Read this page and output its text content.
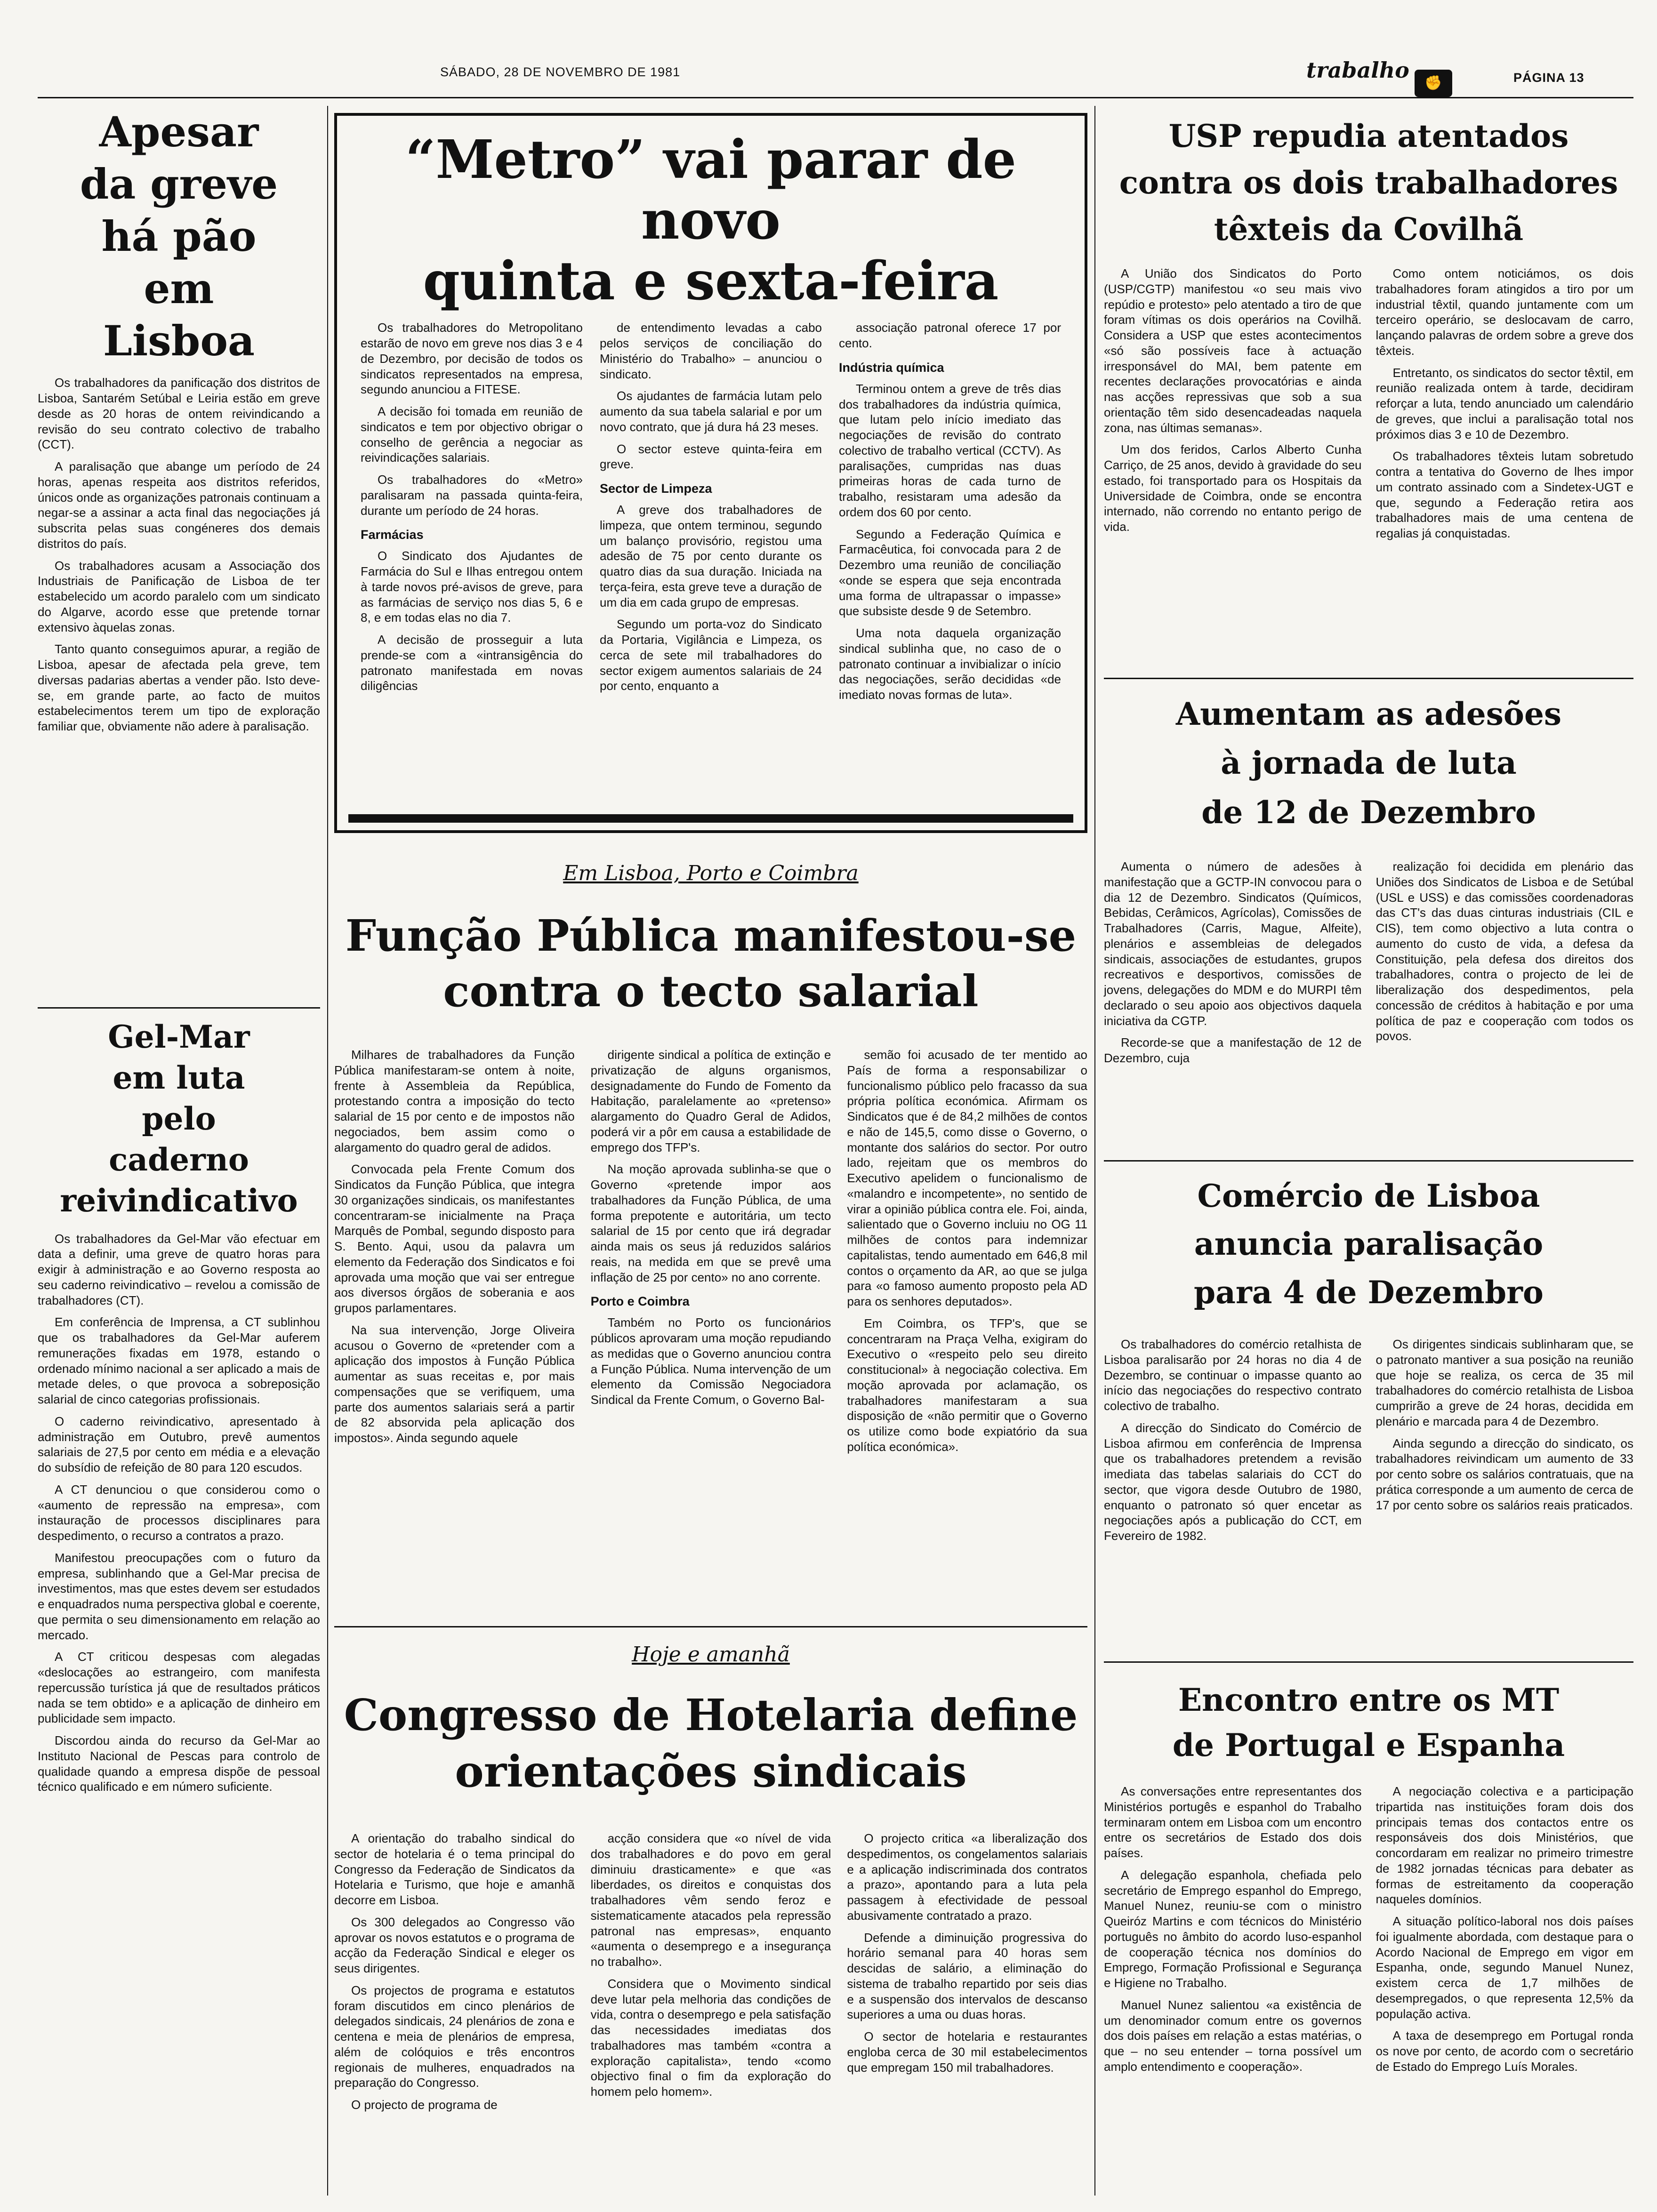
SÁBADO, 28 DE NOVEMBRO DE 1981	trabalho
✊	PÁGINA 13
Apesar
da greve
há pão
em
Lisboa

Os trabalhadores da panificação dos distritos de Lisboa, Santarém Setúbal e Leiria estão em greve desde as 20 horas de ontem reivindicando a revisão do seu contrato colectivo de trabalho (CCT).

A paralisação que abange um período de 24 horas, apenas respeita aos distritos referidos, únicos onde as organizações patronais continuam a negar-se a assinar a acta final das negociações já subscrita pelas suas congéneres dos demais distritos do país.

Os trabalhadores acusam a Associação dos Industriais de Panificação de Lisboa de ter estabelecido um acordo paralelo com um sindicato do Algarve, acordo esse que pretende tornar extensivo àquelas zonas.

Tanto quanto conseguimos apurar, a região de Lisboa, apesar de afectada pela greve, tem diversas padarias abertas a vender pão. Isto deve-se, em grande parte, ao facto de muitos estabelecimentos terem um tipo de exploração familiar que, obviamente não adere à paralisação.

Gel-Mar
em luta
pelo
caderno
reivindicativo

Os trabalhadores da Gel-Mar vão efectuar em data a definir, uma greve de quatro horas para exigir à administração e ao Governo resposta ao seu caderno reivindicativo – revelou a comissão de trabalhadores (CT).

Em conferência de Imprensa, a CT sublinhou que os trabalhadores da Gel-Mar auferem remunerações fixadas em 1978, estando o ordenado mínimo nacional a ser aplicado a mais de metade deles, o que provoca a sobreposição salarial de cinco categorias profissionais.

O caderno reivindicativo, apresentado à administração em Outubro, prevê aumentos salariais de 27,5 por cento em média e a elevação do subsídio de refeição de 80 para 120 escudos.

A CT denunciou o que considerou como o «aumento de repressão na empresa», com instauração de processos disciplinares para despedimento, o recurso a contratos a prazo.

Manifestou preocupações com o futuro da empresa, sublinhando que a Gel-Mar precisa de investimentos, mas que estes devem ser estudados e enquadrados numa perspectiva global e coerente, que permita o seu dimensionamento em relação ao mercado.

A CT criticou despesas com alegadas «deslocações ao estrangeiro, com manifesta repercussão turística já que de resultados práticos nada se tem obtido» e a aplicação de dinheiro em publicidade sem impacto.

Discordou ainda do recurso da Gel-Mar ao Instituto Nacional de Pescas para controlo de qualidade quando a empresa dispõe de pessoal técnico qualificado e em número suficiente.

“Metro” vai parar de novo
quinta e sexta-feira

Os trabalhadores do Metropolitano estarão de novo em greve nos dias 3 e 4 de Dezembro, por decisão de todos os sindicatos representados na empresa, segundo anunciou a FITESE.

A decisão foi tomada em reunião de sindicatos e tem por objectivo obrigar o conselho de gerência a negociar as reivindicações salariais.

Os trabalhadores do «Metro» paralisaram na passada quinta-feira, durante um período de 24 horas.

Farmácias

O Sindicato dos Ajudantes de Farmácia do Sul e Ilhas entregou ontem à tarde novos pré-avisos de greve, para as farmácias de serviço nos dias 5, 6 e 8, e em todas elas no dia 7.

A decisão de prosseguir a luta prende-se com a «intransigência do patronato manifestada em novas diligências

de entendimento levadas a cabo pelos serviços de conciliação do Ministério do Trabalho» – anunciou o sindicato.

Os ajudantes de farmácia lutam pelo aumento da sua tabela salarial e por um novo contrato, que já dura há 23 meses.

O sector esteve quinta-feira em greve.

Sector de Limpeza

A greve dos trabalhadores de limpeza, que ontem terminou, segundo um balanço provisório, registou uma adesão de 75 por cento durante os quatro dias da sua duração. Iniciada na terça-feira, esta greve teve a duração de um dia em cada grupo de empresas.

Segundo um porta-voz do Sindicato da Portaria, Vigilância e Limpeza, os cerca de sete mil trabalhadores do sector exigem aumentos salariais de 24 por cento, enquanto a

associação patronal oferece 17 por cento.

Indústria química

Terminou ontem a greve de três dias dos trabalhadores da indústria química, que lutam pelo início imediato das negociações de revisão do contrato colectivo de trabalho vertical (CCTV). As paralisações, cumpridas nas duas primeiras horas de cada turno de trabalho, resistaram uma adesão da ordem dos 60 por cento.

Segundo a Federação Química e Farmacêutica, foi convocada para 2 de Dezembro uma reunião de conciliação «onde se espera que seja encontrada uma forma de ultrapassar o impasse» que subsiste desde 9 de Setembro.

Uma nota daquela organização sindical sublinha que, no caso de o patronato continuar a invibializar o início das negociações, serão decididas «de imediato novas formas de luta».

Em Lisboa, Porto e Coimbra
Função Pública manifestou-se
contra o tecto salarial

Milhares de trabalhadores da Função Pública manifestaram-se ontem à noite, frente à Assembleia da República, protestando contra a imposição do tecto salarial de 15 por cento e de impostos não negociados, bem assim como o alargamento do quadro geral de adidos.

Convocada pela Frente Comum dos Sindicatos da Função Pública, que integra 30 organizações sindicais, os manifestantes concentraram-se inicialmente na Praça Marquês de Pombal, segundo disposto para S. Bento. Aqui, usou da palavra um elemento da Federação dos Sindicatos e foi aprovada uma moção que vai ser entregue aos diversos órgãos de soberania e aos grupos parlamentares.

Na sua intervenção, Jorge Oliveira acusou o Governo de «pretender com a aplicação dos impostos à Função Pública aumentar as suas receitas e, por mais compensações que se verifiquem, uma parte dos aumentos salariais será a partir de 82 absorvida pela aplicação dos impostos». Ainda segundo aquele

dirigente sindical a política de extinção e privatização de alguns organismos, designadamente do Fundo de Fomento da Habitação, paralelamente ao «pretenso» alargamento do Quadro Geral de Adidos, poderá vir a pôr em causa a estabilidade de emprego dos TFP's.

Na moção aprovada sublinha-se que o Governo «pretende impor aos trabalhadores da Função Pública, de uma forma prepotente e autoritária, um tecto salarial de 15 por cento que irá degradar ainda mais os seus já reduzidos salários reais, na medida em que se prevê uma inflação de 25 por cento» no ano corrente.

Porto e Coimbra

Também no Porto os funcionários públicos aprovaram uma moção repudiando as medidas que o Governo anunciou contra a Função Pública. Numa intervenção de um elemento da Comissão Negociadora Sindical da Frente Comum, o Governo Bal-

semão foi acusado de ter mentido ao País de forma a responsabilizar o funcionalismo público pelo fracasso da sua própria política económica. Afirmam os Sindicatos que é de 84,2 milhões de contos e não de 145,5, como disse o Governo, o montante dos salários do sector. Por outro lado, rejeitam que os membros do Executivo apelidem o funcionalismo de «malandro e incompetente», no sentido de virar a opinião pública contra ele. Foi, ainda, salientado que o Governo incluiu no OG 11 milhões de contos para indemnizar capitalistas, tendo aumentado em 646,8 mil contos o orçamento da AR, ao que se julga para «o famoso aumento proposto pela AD para os senhores deputados».

Em Coimbra, os TFP's, que se concentraram na Praça Velha, exigiram do Executivo o «respeito pelo seu direito constitucional» à negociação colectiva. Em moção aprovada por aclamação, os trabalhadores manifestaram a sua disposição de «não permitir que o Governo os utilize como bode expiatório da sua política económica».

Hoje e amanhã
Congresso de Hotelaria define
orientações sindicais

A orientação do trabalho sindical do sector de hotelaria é o tema principal do Congresso da Federação de Sindicatos da Hotelaria e Turismo, que hoje e amanhã decorre em Lisboa.

Os 300 delegados ao Congresso vão aprovar os novos estatutos e o programa de acção da Federação Sindical e eleger os seus dirigentes.

Os projectos de programa e estatutos foram discutidos em cinco plenários de delegados sindicais, 24 plenários de zona e centena e meia de plenários de empresa, além de colóquios e três encontros regionais de mulheres, enquadrados na preparação do Congresso.

O projecto de programa de

acção considera que «o nível de vida dos trabalhadores e do povo em geral diminuiu drasticamente» e que «as liberdades, os direitos e conquistas dos trabalhadores vêm sendo feroz e sistematicamente atacados pela repressão patronal nas empresas», enquanto «aumenta o desemprego e a insegurança no trabalho».

Considera que o Movimento sindical deve lutar pela melhoria das condições de vida, contra o desemprego e pela satisfação das necessidades imediatas dos trabalhadores mas também «contra a exploração capitalista», tendo «como objectivo final o fim da exploração do homem pelo homem».

O projecto critica «a liberalização dos despedimentos, os congelamentos salariais e a aplicação indiscriminada dos contratos a prazo», apontando para a luta pela passagem à efectividade de pessoal abusivamente contratado a prazo.

Defende a diminuição progressiva do horário semanal para 40 horas sem descidas de salário, a eliminação do sistema de trabalho repartido por seis dias e a suspensão dos intervalos de descanso superiores a uma ou duas horas.

O sector de hotelaria e restaurantes engloba cerca de 30 mil estabelecimentos que empregam 150 mil trabalhadores.

USP repudia atentados
contra os dois trabalhadores
têxteis da Covilhã

A União dos Sindicatos do Porto (USP/CGTP) manifestou «o seu mais vivo repúdio e protesto» pelo atentado a tiro de que foram vítimas os dois operários na Covilhã. Considera a USP que estes acontecimentos «só são possíveis face à actuação irresponsável do MAI, bem patente em recentes declarações provocatórias e ainda nas acções repressivas que sob a sua orientação têm sido desencadeadas naquela zona, nas últimas semanas».

Um dos feridos, Carlos Alberto Cunha Carriço, de 25 anos, devido à gravidade do seu estado, foi transportado para os Hospitais da Universidade de Coimbra, onde se encontra internado, não correndo no entanto perigo de vida.

Como ontem noticiámos, os dois trabalhadores foram atingidos a tiro por um industrial têxtil, quando juntamente com um terceiro operário, se deslocavam de carro, lançando palavras de ordem sobre a greve dos têxteis.

Entretanto, os sindicatos do sector têxtil, em reunião realizada ontem à tarde, decidiram reforçar a luta, tendo anunciado um calendário de greves, que inclui a paralisação total nos próximos dias 3 e 10 de Dezembro.

Os trabalhadores têxteis lutam sobretudo contra a tentativa do Governo de lhes impor um contrato assinado com a Sindetex-UGT e que, segundo a Federação retira aos trabalhadores mais de uma centena de regalias já conquistadas.

Aumentam as adesões
à jornada de luta
de 12 de Dezembro

Aumenta o número de adesões à manifestação que a GCTP-IN convocou para o dia 12 de Dezembro. Sindicatos (Químicos, Bebidas, Cerâmicos, Agrícolas), Comissões de Trabalhadores (Carris, Mague, Alfeite), plenários e assembleias de delegados sindicais, associações de estudantes, grupos recreativos e desportivos, comissões de jovens, delegações do MDM e do MURPI têm declarado o seu apoio aos objectivos daquela iniciativa da CGTP.

Recorde-se que a manifestação de 12 de Dezembro, cuja

realização foi decidida em plenário das Uniões dos Sindicatos de Lisboa e de Setúbal (USL e USS) e das comissões coordenadoras das CT's das duas cinturas industriais (CIL e CIS), tem como objectivo a luta contra o aumento do custo de vida, a defesa da Constituição, pela defesa dos direitos dos trabalhadores, contra o projecto de lei de liberalização dos despedimentos, pela concessão de créditos à habitação e por uma política de paz e cooperação com todos os povos.

Comércio de Lisboa
anuncia paralisação
para 4 de Dezembro

Os trabalhadores do comércio retalhista de Lisboa paralisarão por 24 horas no dia 4 de Dezembro, se continuar o impasse quanto ao início das negociações do respectivo contrato colectivo de trabalho.

A direcção do Sindicato do Comércio de Lisboa afirmou em conferência de Imprensa que os trabalhadores pretendem a revisão imediata das tabelas salariais do CCT do sector, que vigora desde Outubro de 1980, enquanto o patronato só quer encetar as negociações após a publicação do CCT, em Fevereiro de 1982.

Os dirigentes sindicais sublinharam que, se o patronato mantiver a sua posição na reunião que hoje se realiza, os cerca de 35 mil trabalhadores do comércio retalhista de Lisboa cumprirão a greve de 24 horas, decidida em plenário e marcada para 4 de Dezembro.

Ainda segundo a direcção do sindicato, os trabalhadores reivindicam um aumento de 33 por cento sobre os salários contratuais, que na prática corresponde a um aumento de cerca de 17 por cento sobre os salários reais praticados.

Encontro entre os MT
de Portugal e Espanha

As conversações entre representantes dos Ministérios portugês e espanhol do Trabalho terminaram ontem em Lisboa com um encontro entre os secretários de Estado dos dois países.

A delegação espanhola, chefiada pelo secretário de Emprego espanhol do Emprego, Manuel Nunez, reuniu-se com o ministro Queiróz Martins e com técnicos do Ministério português no âmbito do acordo luso-espanhol de cooperação técnica nos domínios do Emprego, Formação Profissional e Segurança e Higiene no Trabalho.

Manuel Nunez salientou «a existência de um denominador comum entre os governos dos dois países em relação a estas matérias, o que – no seu entender – torna possível um amplo entendimento e cooperação».

A negociação colectiva e a participação tripartida nas instituições foram dois dos principais temas dos contactos entre os responsáveis dos dois Ministérios, que concordaram em realizar no primeiro trimestre de 1982 jornadas técnicas para debater as formas de estreitamento da cooperação naqueles domínios.

A situação político-laboral nos dois países foi igualmente abordada, com destaque para o Acordo Nacional de Emprego em vigor em Espanha, onde, segundo Manuel Nunez, existem cerca de 1,7 milhões de desempregados, o que representa 12,5% da população activa.

A taxa de desemprego em Portugal ronda os nove por cento, de acordo com o secretário de Estado do Emprego Luís Morales.
